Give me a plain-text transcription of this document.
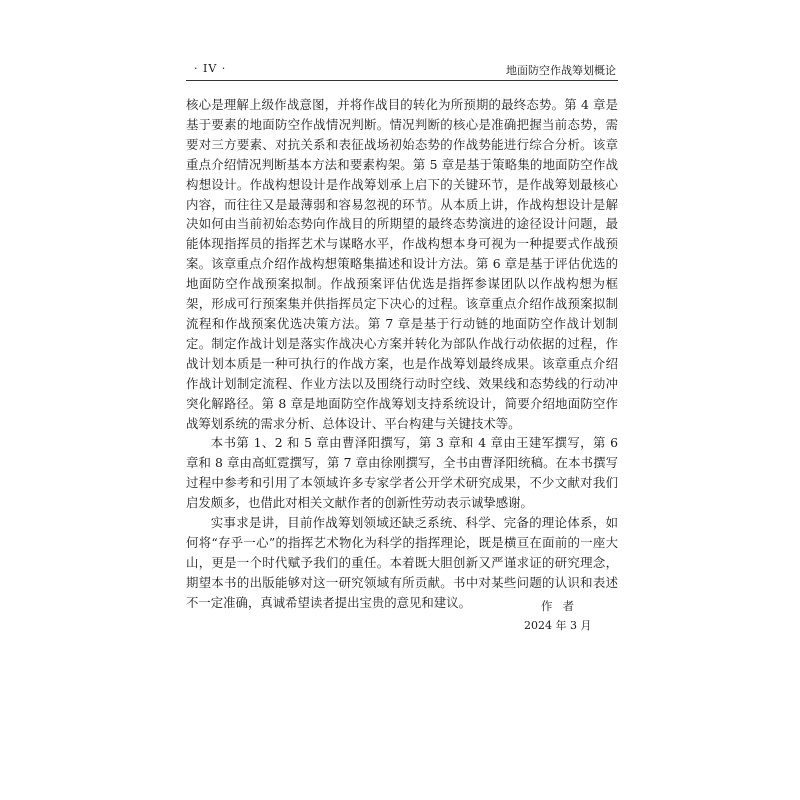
· IV ·	地面防空作战筹划概论

核心是理解上级作战意图，并将作战目的转化为所预期的最终态势。第 4 章是基于要素的地面防空作战情况判断。情况判断的核心是准确把握当前态势，需要对三方要素、对抗关系和表征战场初始态势的作战势能进行综合分析。该章重点介绍情况判断基本方法和要素构架。第 5 章是基于策略集的地面防空作战构想设计。作战构想设计是作战筹划承上启下的关键环节，是作战筹划最核心内容，而往往又是最薄弱和容易忽视的环节。从本质上讲，作战构想设计是解决如何由当前初始态势向作战目的所期望的最终态势演进的途径设计问题，最能体现指挥员的指挥艺术与谋略水平，作战构想本身可视为一种提要式作战预案。该章重点介绍作战构想策略集描述和设计方法。第 6 章是基于评估优选的地面防空作战预案拟制。作战预案评估优选是指挥参谋团队以作战构想为框架，形成可行预案集并供指挥员定下决心的过程。该章重点介绍作战预案拟制流程和作战预案优选决策方法。第 7 章是基于行动链的地面防空作战计划制定。制定作战计划是落实作战决心方案并转化为部队作战行动依据的过程，作战计划本质是一种可执行的作战方案，也是作战筹划最终成果。该章重点介绍作战计划制定流程、作业方法以及围绕行动时空线、效果线和态势线的行动冲突化解路径。第 8 章是地面防空作战筹划支持系统设计，简要介绍地面防空作战筹划系统的需求分析、总体设计、平台构建与关键技术等。

本书第 1、2 和 5 章由曹泽阳撰写，第 3 章和 4 章由王建军撰写，第 6 章和 8 章由高虹霓撰写，第 7 章由徐刚撰写，全书由曹泽阳统稿。在本书撰写过程中参考和引用了本领域许多专家学者公开学术研究成果，不少文献对我们启发颇多，也借此对相关文献作者的创新性劳动表示诚挚感谢。

实事求是讲，目前作战筹划领域还缺乏系统、科学、完备的理论体系，如何将“存乎一心”的指挥艺术物化为科学的指挥理论，既是横亘在面前的一座大山，更是一个时代赋予我们的重任。本着既大胆创新又严谨求证的研究理念，期望本书的出版能够对这一研究领域有所贡献。书中对某些问题的认识和表述不一定准确，真诚希望读者提出宝贵的意见和建议。	作者
2024 年 3 月
